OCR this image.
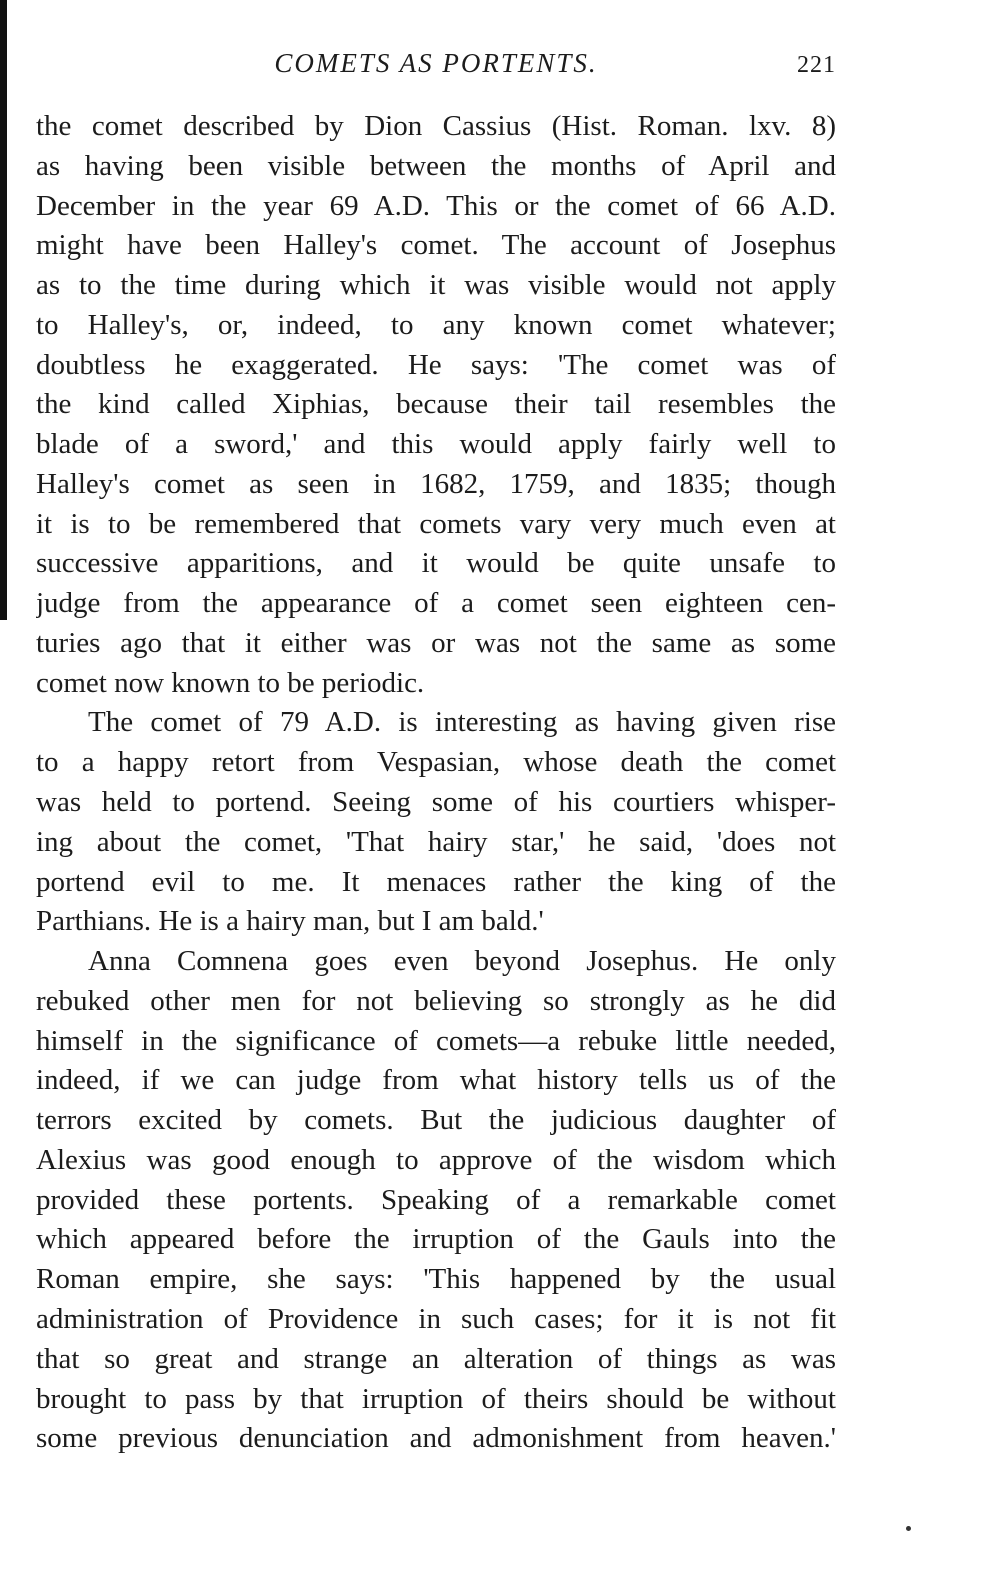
COMETS AS PORTENTS.	221
the comet described by Dion Cassius (Hist. Roman. lxv. 8)
as having been visible between the months of April and
December in the year 69 A.D. This or the comet of 66 A.D.
might have been Halley's comet. The account of Josephus
as to the time during which it was visible would not apply
to Halley's, or, indeed, to any known comet whatever;
doubtless he exaggerated. He says: 'The comet was of
the kind called Xiphias, because their tail resembles the
blade of a sword,' and this would apply fairly well to
Halley's comet as seen in 1682, 1759, and 1835; though
it is to be remembered that comets vary very much even at
successive apparitions, and it would be quite unsafe to
judge from the appearance of a comet seen eighteen cen-
turies ago that it either was or was not the same as some
comet now known to be periodic.
The comet of 79 A.D. is interesting as having given rise
to a happy retort from Vespasian, whose death the comet
was held to portend. Seeing some of his courtiers whisper-
ing about the comet, 'That hairy star,' he said, 'does not
portend evil to me. It menaces rather the king of the
Parthians. He is a hairy man, but I am bald.'
Anna Comnena goes even beyond Josephus. He only
rebuked other men for not believing so strongly as he did
himself in the significance of comets—a rebuke little needed,
indeed, if we can judge from what history tells us of the
terrors excited by comets. But the judicious daughter of
Alexius was good enough to approve of the wisdom which
provided these portents. Speaking of a remarkable comet
which appeared before the irruption of the Gauls into the
Roman empire, she says: 'This happened by the usual
administration of Providence in such cases; for it is not fit
that so great and strange an alteration of things as was
brought to pass by that irruption of theirs should be without
some previous denunciation and admonishment from heaven.'
